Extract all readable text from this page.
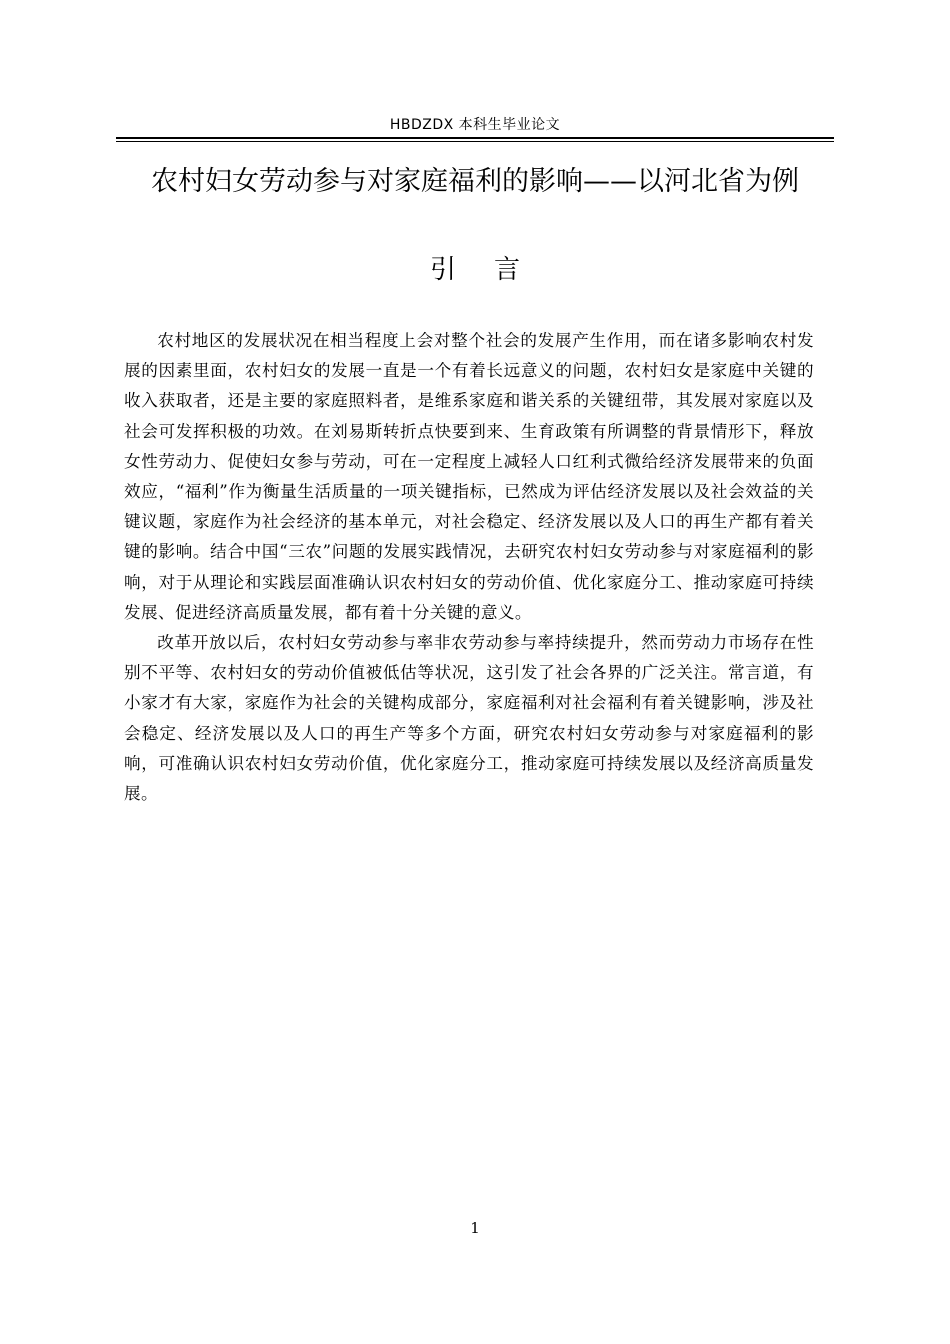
HBDZDX 本科生毕业论文
农村妇女劳动参与对家庭福利的影响——以河北省为例
引言

农村地区的发展状况在相当程度上会对整个社会的发展产生作用，而在诸多影响农村发展的因素里面，农村妇女的发展一直是一个有着长远意义的问题，农村妇女是家庭中关键的收入获取者，还是主要的家庭照料者，是维系家庭和谐关系的关键纽带，其发展对家庭以及社会可发挥积极的功效。在刘易斯转折点快要到来、生育政策有所调整的背景情形下，释放女性劳动力、促使妇女参与劳动，可在一定程度上减轻人口红利式微给经济发展带来的负面效应，“福利”作为衡量生活质量的一项关键指标，已然成为评估经济发展以及社会效益的关键议题，家庭作为社会经济的基本单元，对社会稳定、经济发展以及人口的再生产都有着关键的影响。结合中国“三农”问题的发展实践情况，去研究农村妇女劳动参与对家庭福利的影响，对于从理论和实践层面准确认识农村妇女的劳动价值、优化家庭分工、推动家庭可持续发展、促进经济高质量发展，都有着十分关键的意义。

改革开放以后，农村妇女劳动参与率非农劳动参与率持续提升，然而劳动力市场存在性别不平等、农村妇女的劳动价值被低估等状况，这引发了社会各界的广泛关注。常言道，有小家才有大家，家庭作为社会的关键构成部分，家庭福利对社会福利有着关键影响，涉及社会稳定、经济发展以及人口的再生产等多个方面，研究农村妇女劳动参与对家庭福利的影响，可准确认识农村妇女劳动价值，优化家庭分工，推动家庭可持续发展以及经济高质量发展。

1
